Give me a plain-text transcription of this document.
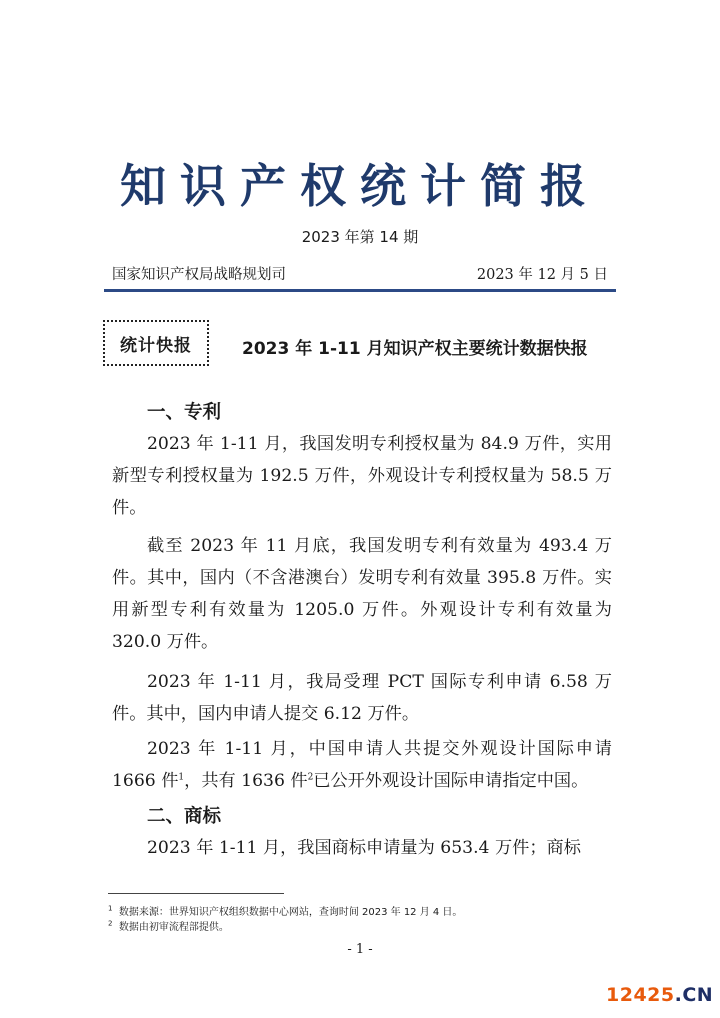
知识产权统计简报
2023 年第 14 期
国家知识产权局战略规划司	2023 年 12 月 5 日
统计快报	2023 年 1-11 月知识产权主要统计数据快报
一、专利

2023 年 1-11 月，我国发明专利授权量为 84.9 万件，实用新型专利授权量为 192.5 万件，外观设计专利授权量为 58.5 万件。

截至 2023 年 11 月底，我国发明专利有效量为 493.4 万件。其中，国内（不含港澳台）发明专利有效量 395.8 万件。实用新型专利有效量为 1205.0 万件。外观设计专利有效量为 320.0 万件。

2023 年 1-11 月，我局受理 PCT 国际专利申请 6.58 万件。其中，国内申请人提交 6.12 万件。

2023 年 1-11 月，中国申请人共提交外观设计国际申请 1666 件$^1$，共有 1636 件$^2$已公开外观设计国际申请指定中国。

二、商标

2023 年 1-11 月，我国商标申请量为 653.4 万件；商标

$^1$ 数据来源：世界知识产权组织数据中心网站，查询时间 2023 年 12 月 4 日。
$^2$ 数据由初审流程部提供。
- 1 -
12425.CN
